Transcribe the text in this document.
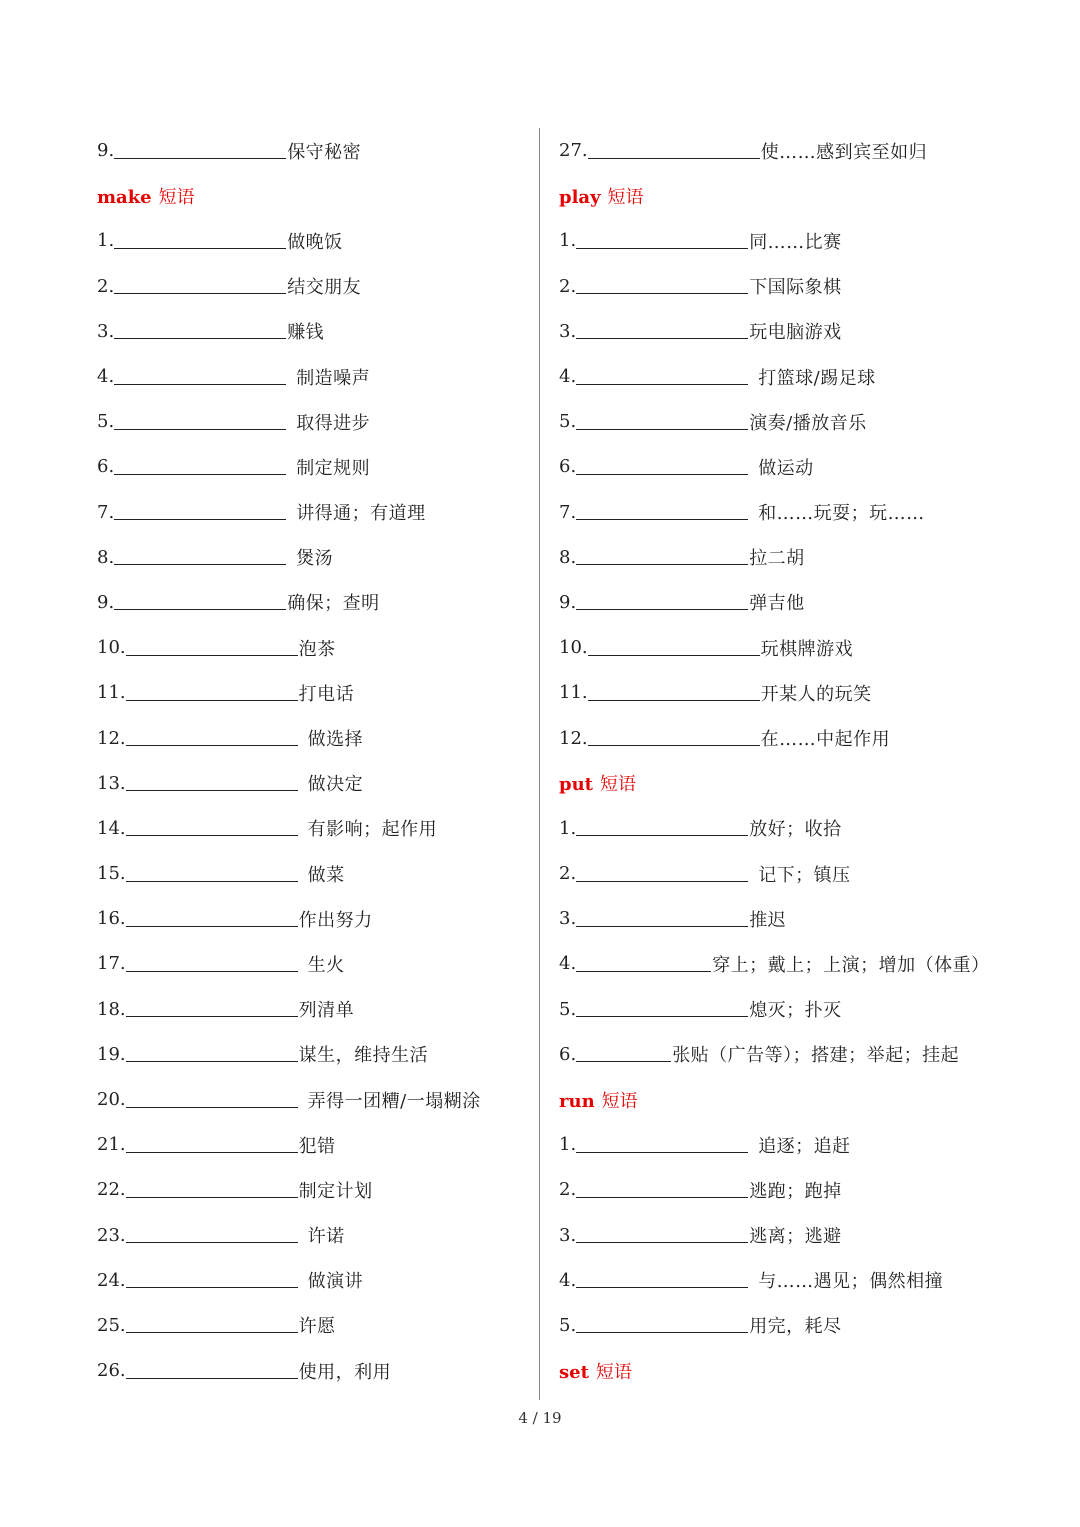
9.	保守秘密
make 短语
1.	做晚饭
2.	结交朋友
3.	赚钱
4.	制造噪声
5.	取得进步
6.	制定规则
7.	讲得通；有道理
8.	煲汤
9.	确保；查明
10.	泡茶
11.	打电话
12.	做选择
13.	做决定
14.	有影响；起作用
15.	做菜
16.	作出努力
17.	生火
18.	列清单
19.	谋生，维持生活
20.	弄得一团糟/一塌糊涂
21.	犯错
22.	制定计划
23.	许诺
24.	做演讲
25.	许愿
26.	使用，利用
27.	使……感到宾至如归
play 短语
1.	同……比赛
2.	下国际象棋
3.	玩电脑游戏
4.	打篮球/踢足球
5.	演奏/播放音乐
6.	做运动
7.	和……玩耍；玩……
8.	拉二胡
9.	弹吉他
10.	玩棋牌游戏
11.	开某人的玩笑
12.	在……中起作用
put 短语
1.	放好；收拾
2.	记下；镇压
3.	推迟
4.	穿上；戴上；上演；增加（体重）
5.	熄灭；扑灭
6.	张贴（广告等）；搭建；举起；挂起
run 短语
1.	追逐；追赶
2.	逃跑；跑掉
3.	逃离；逃避
4.	与……遇见；偶然相撞
5.	用完，耗尽
set 短语
4 / 19
